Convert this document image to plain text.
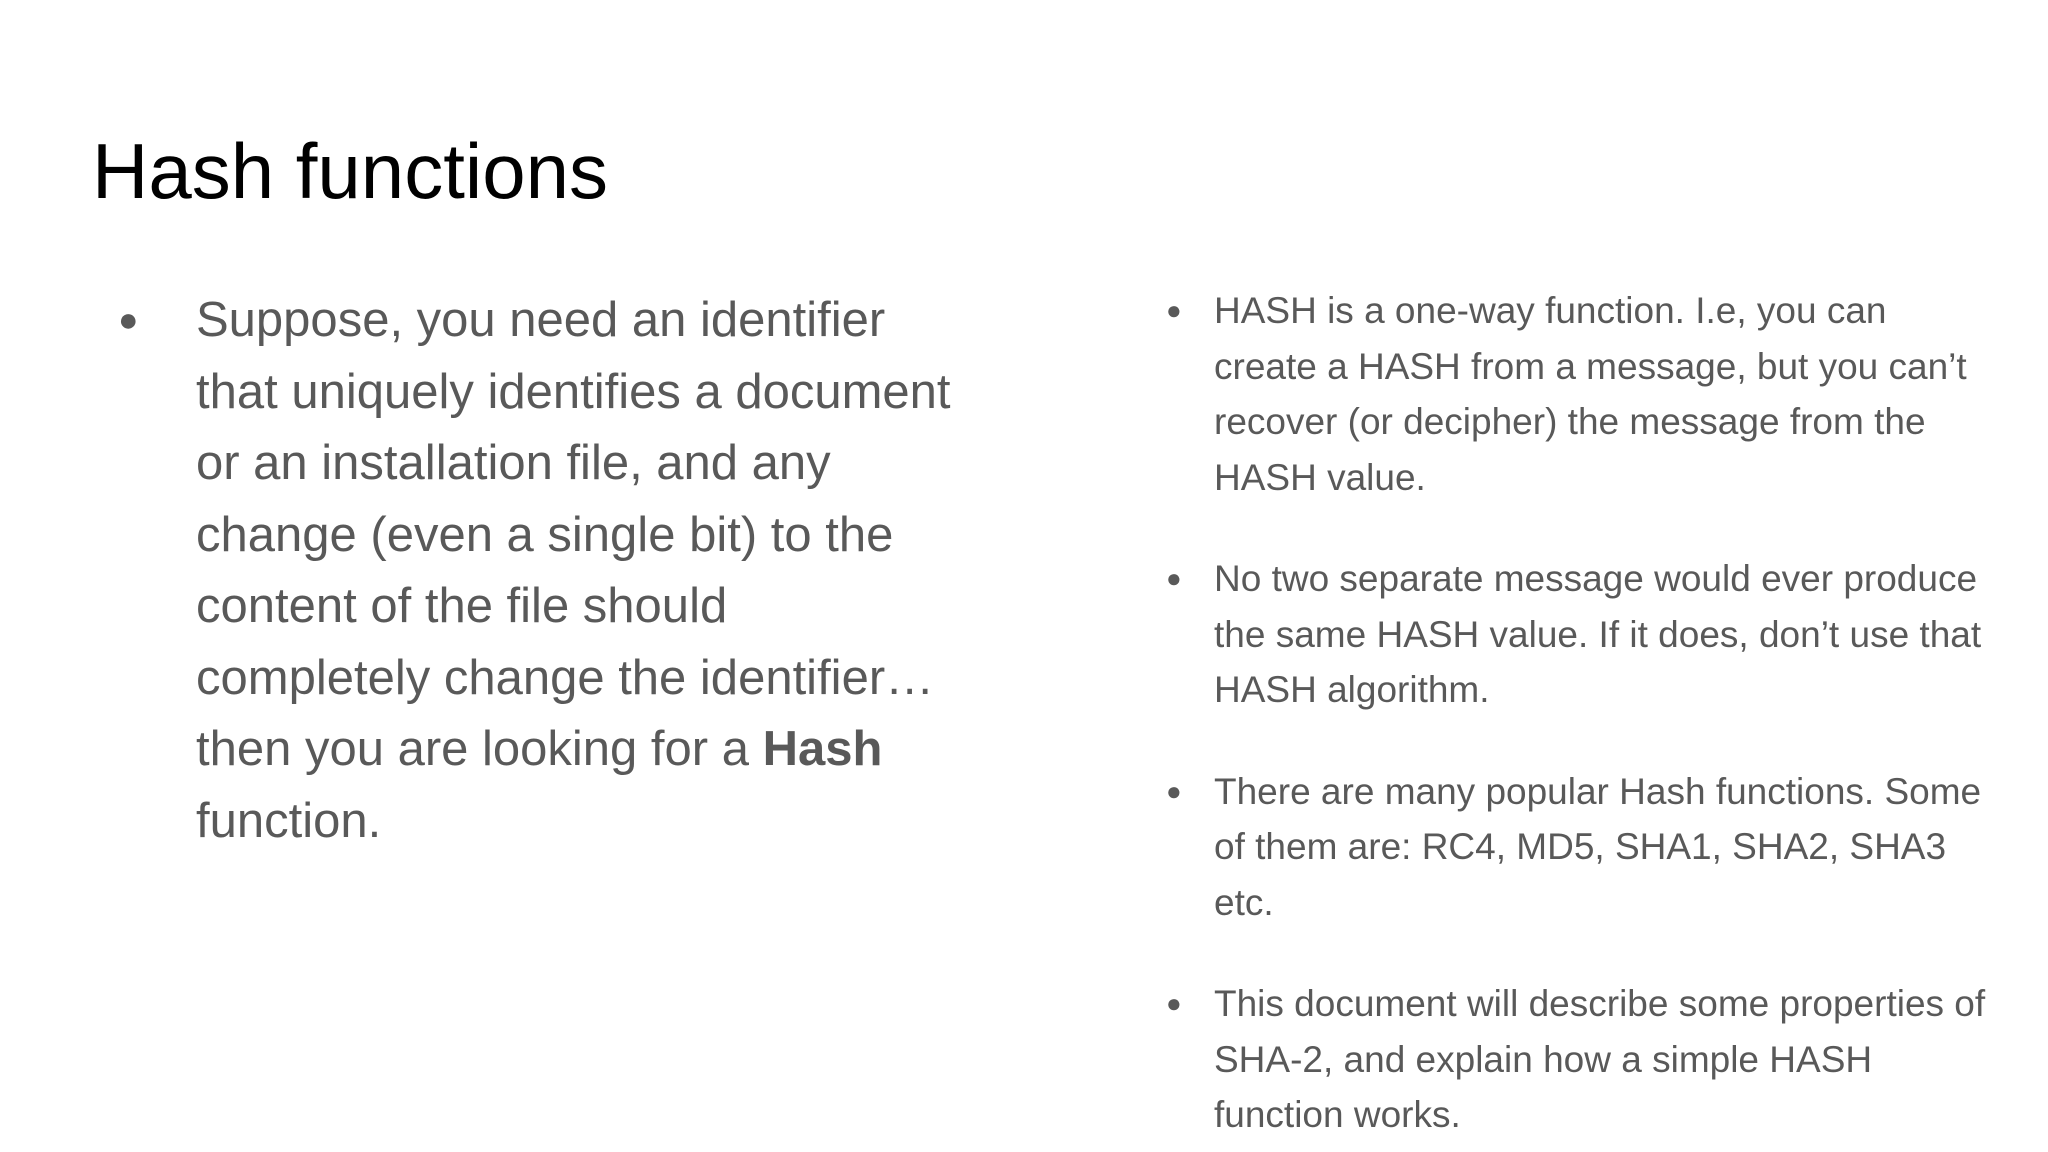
Hash functions
● Suppose, you need an identifier that uniquely identifies a document or an installation file, and any change (even a single bit) to the content of the file should completely change the identifier… then you are looking for a Hash function.
● HASH is a one-way function. I.e, you can create a HASH from a message, but you can’t recover (or decipher) the message from the HASH value.
● No two separate message would ever produce the same HASH value. If it does, don’t use that HASH algorithm.
● There are many popular Hash functions. Some of them are: RC4, MD5, SHA1, SHA2, SHA3 etc.
● This document will describe some properties of SHA-2, and explain how a simple HASH function works.
